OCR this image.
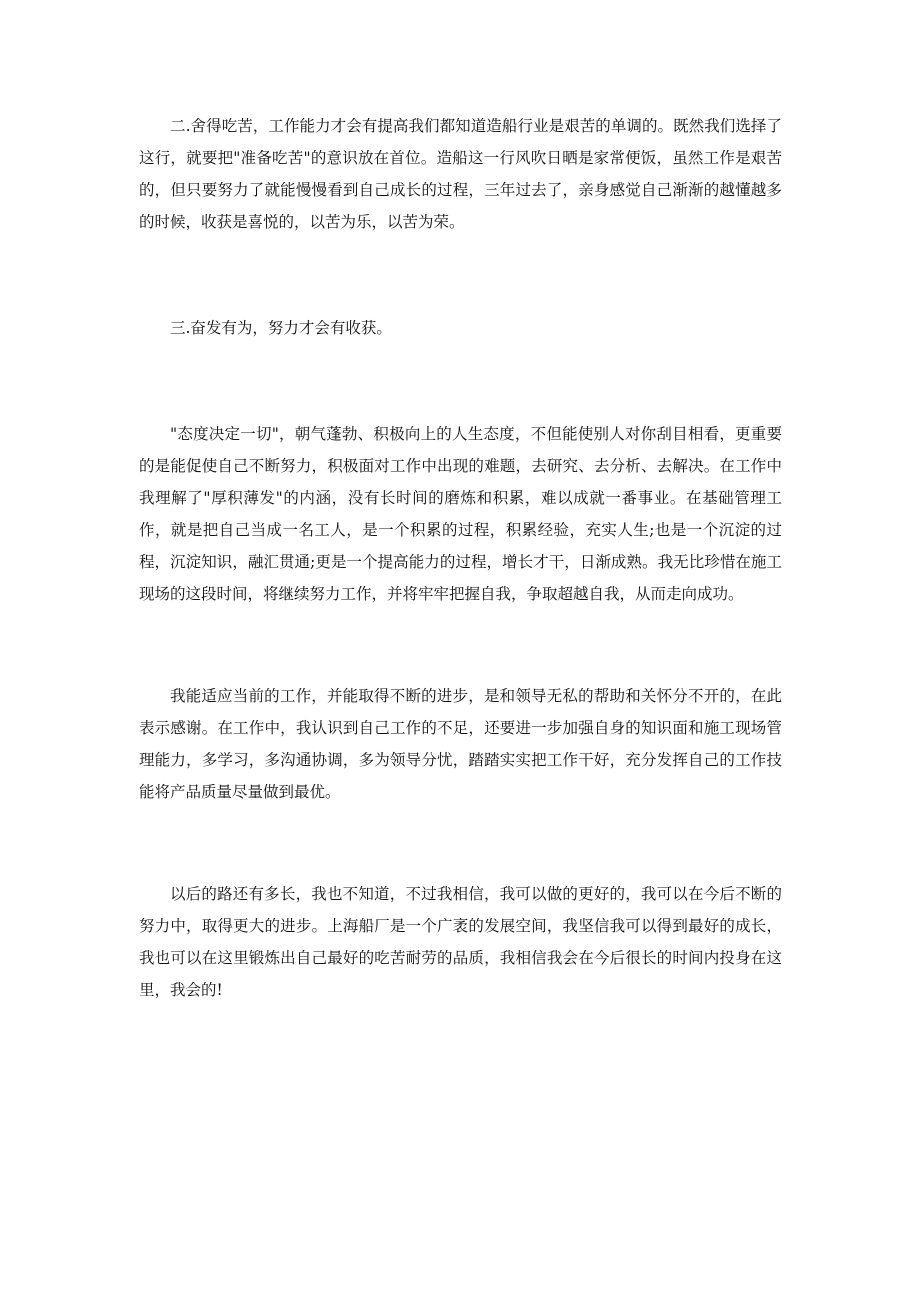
二.舍得吃苦，工作能力才会有提高我们都知道造船行业是艰苦的单调的。既然我们选择了这行，就要把"准备吃苦"的意识放在首位。造船这一行风吹日晒是家常便饭，虽然工作是艰苦的，但只要努力了就能慢慢看到自己成长的过程，三年过去了，亲身感觉自己渐渐的越懂越多的时候，收获是喜悦的，以苦为乐，以苦为荣。

三.奋发有为，努力才会有收获。

"态度决定一切"，朝气蓬勃、积极向上的人生态度，不但能使别人对你刮目相看，更重要的是能促使自己不断努力，积极面对工作中出现的难题，去研究、去分析、去解决。在工作中我理解了"厚积薄发"的内涵，没有长时间的磨炼和积累，难以成就一番事业。在基础管理工作，就是把自己当成一名工人，是一个积累的过程，积累经验，充实人生;也是一个沉淀的过程，沉淀知识，融汇贯通;更是一个提高能力的过程，增长才干，日渐成熟。我无比珍惜在施工现场的这段时间，将继续努力工作，并将牢牢把握自我，争取超越自我，从而走向成功。

我能适应当前的工作，并能取得不断的进步，是和领导无私的帮助和关怀分不开的，在此表示感谢。在工作中，我认识到自己工作的不足，还要进一步加强自身的知识面和施工现场管理能力，多学习，多沟通协调，多为领导分忧，踏踏实实把工作干好，充分发挥自己的工作技能将产品质量尽量做到最优。

以后的路还有多长，我也不知道，不过我相信，我可以做的更好的，我可以在今后不断的努力中，取得更大的进步。上海船厂是一个广袤的发展空间，我坚信我可以得到最好的成长，我也可以在这里锻炼出自己最好的吃苦耐劳的品质，我相信我会在今后很长的时间内投身在这里，我会的!
